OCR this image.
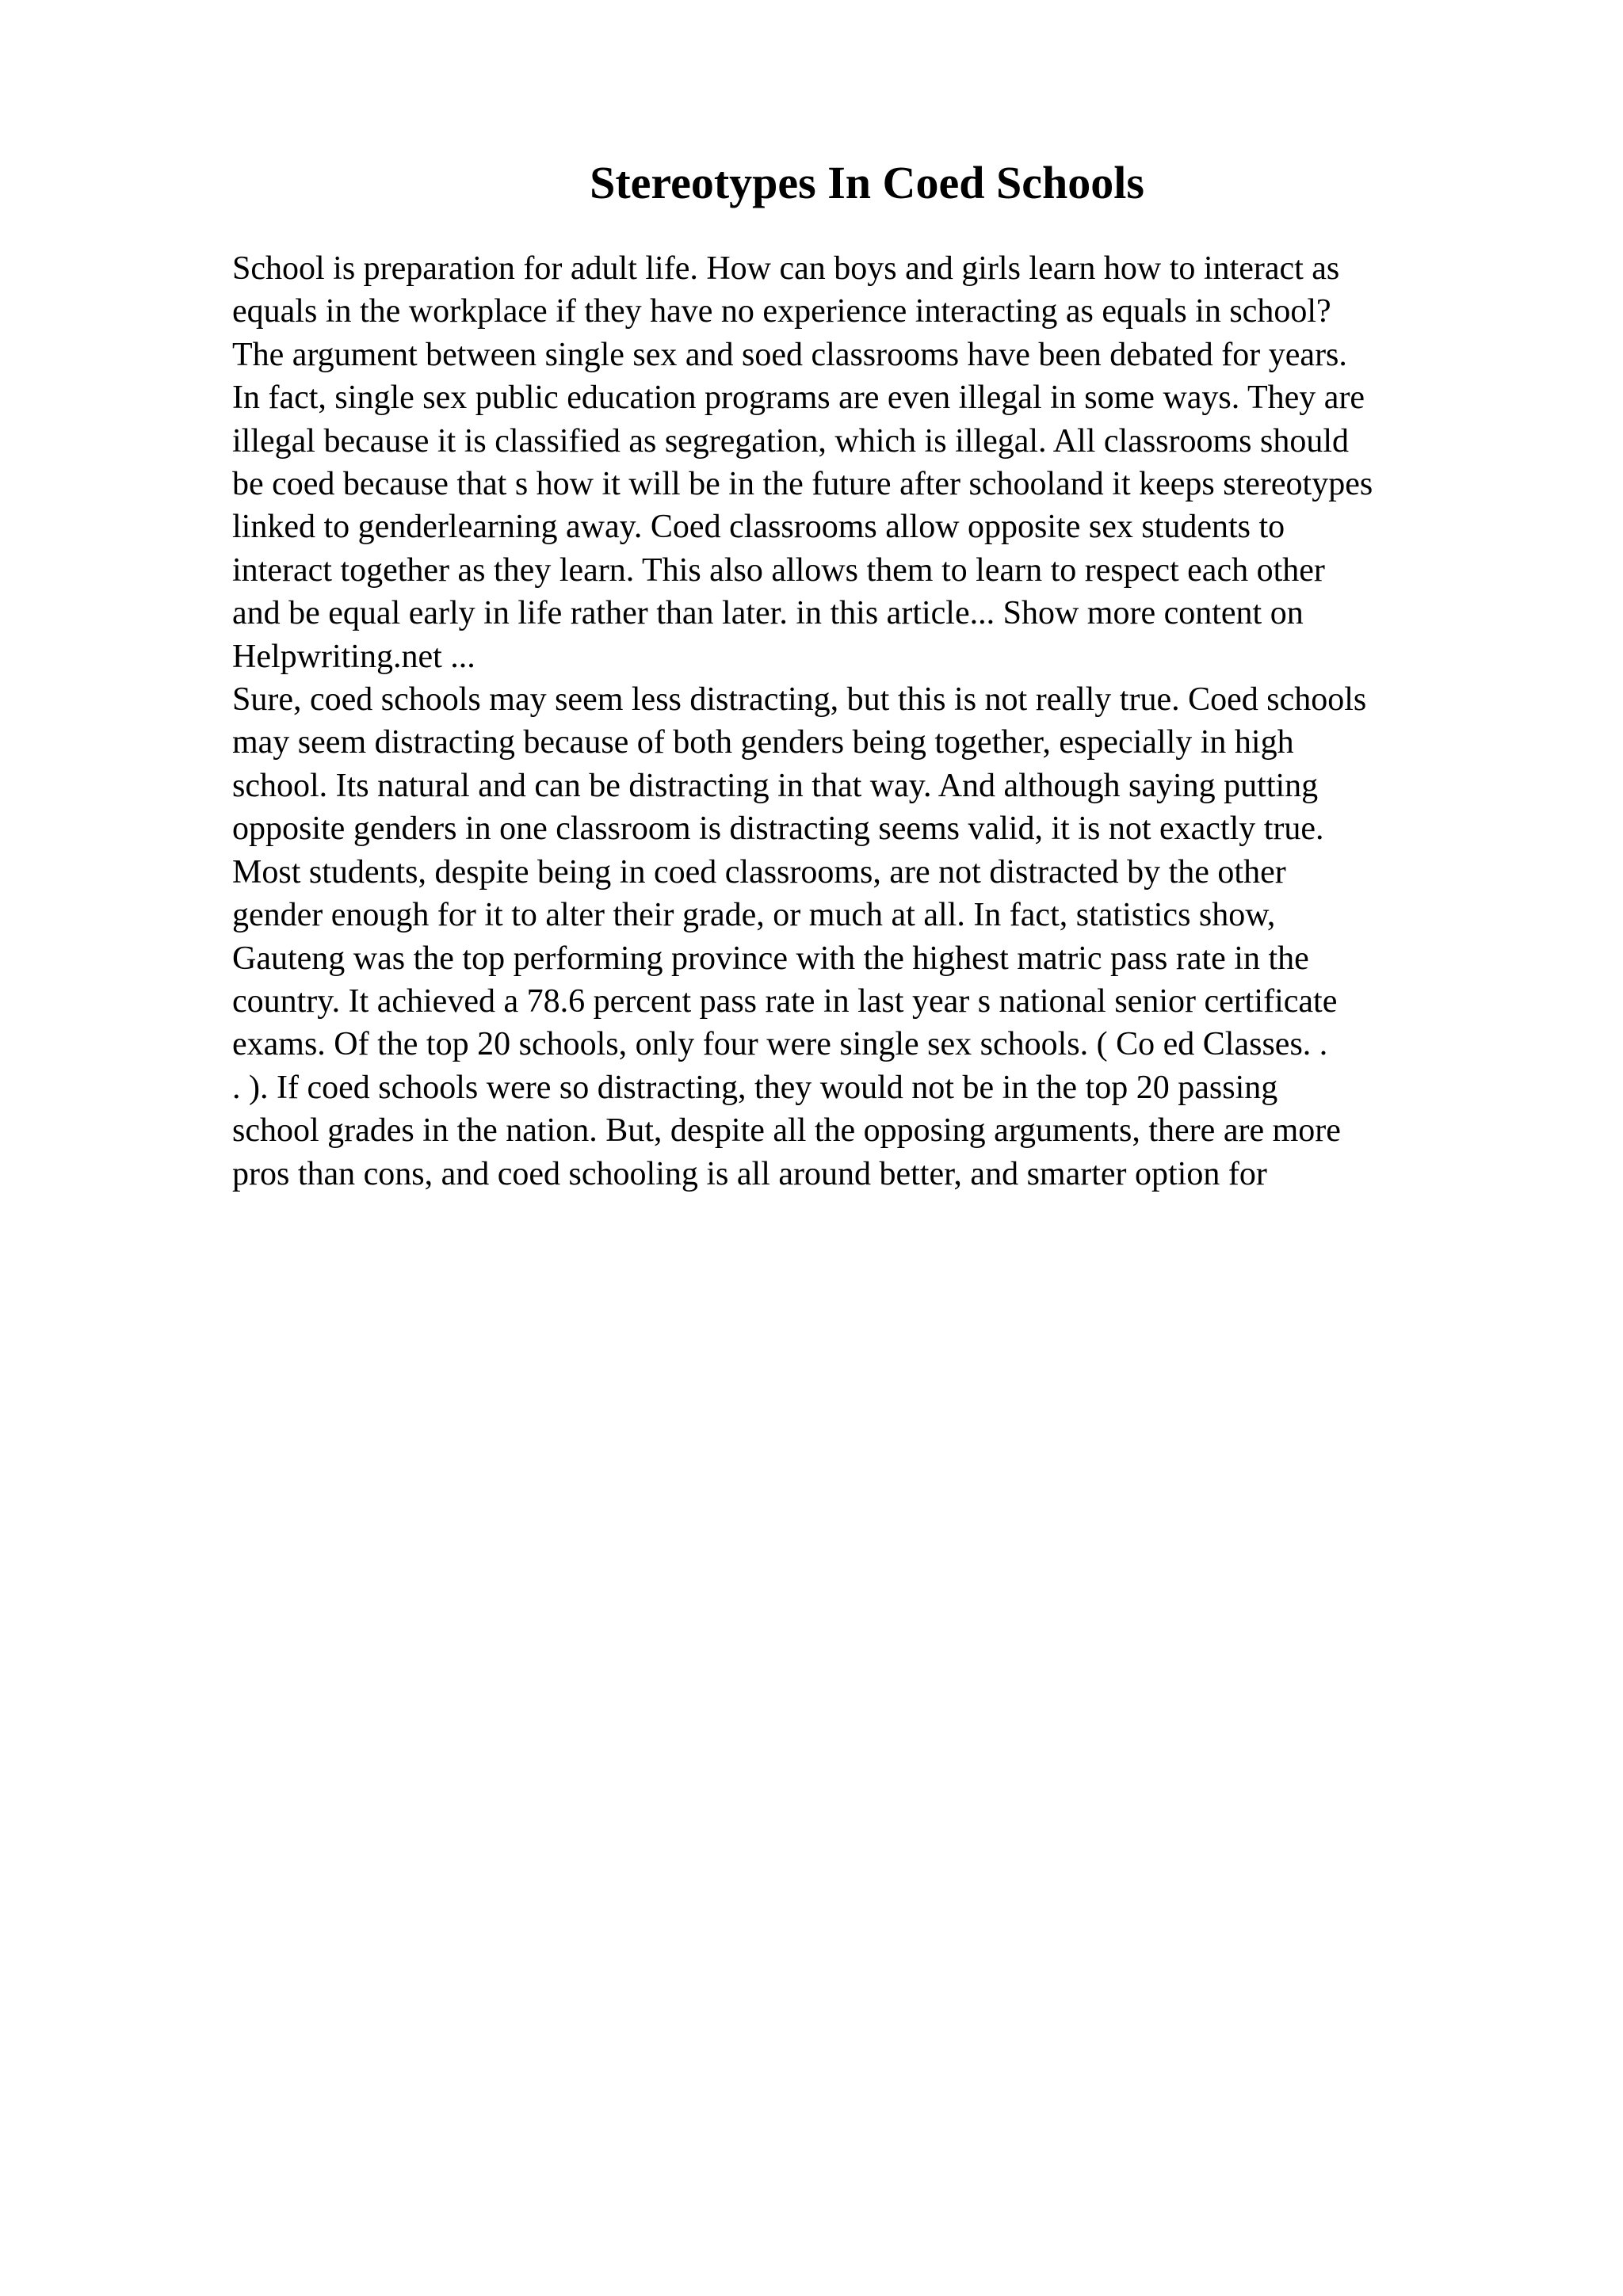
Stereotypes In Coed Schools
School is preparation for adult life. How can boys and girls learn how to interact as
equals in the workplace if they have no experience interacting as equals in school?
The argument between single sex and soed classrooms have been debated for years.
In fact, single sex public education programs are even illegal in some ways. They are
illegal because it is classified as segregation, which is illegal. All classrooms should
be coed because that s how it will be in the future after schooland it keeps stereotypes
linked to genderlearning away. Coed classrooms allow opposite sex students to
interact together as they learn. This also allows them to learn to respect each other
and be equal early in life rather than later. in this article... Show more content on
Helpwriting.net ...
Sure, coed schools may seem less distracting, but this is not really true. Coed schools
may seem distracting because of both genders being together, especially in high
school. Its natural and can be distracting in that way. And although saying putting
opposite genders in one classroom is distracting seems valid, it is not exactly true.
Most students, despite being in coed classrooms, are not distracted by the other
gender enough for it to alter their grade, or much at all. In fact, statistics show,
Gauteng was the top performing province with the highest matric pass rate in the
country. It achieved a 78.6 percent pass rate in last year s national senior certificate
exams. Of the top 20 schools, only four were single sex schools. ( Co ed Classes. .
. ). If coed schools were so distracting, they would not be in the top 20 passing
school grades in the nation. But, despite all the opposing arguments, there are more
pros than cons, and coed schooling is all around better, and smarter option for
